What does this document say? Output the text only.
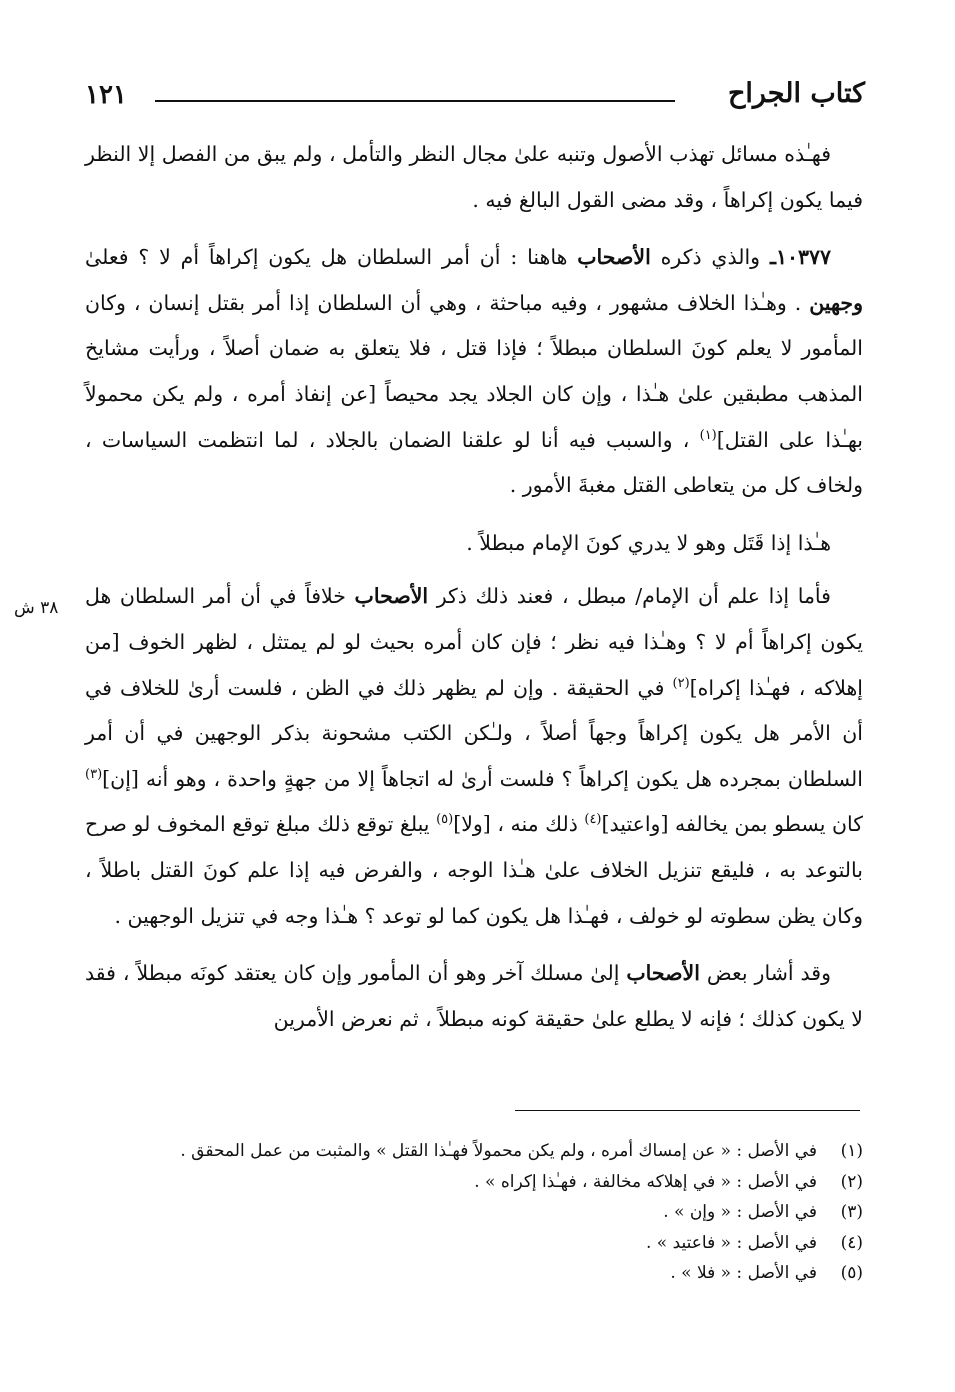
كتاب الجراح
١٢١
٣٨ ش

فهـٰذه مسائل تهذب الأصول وتنبه علىٰ مجال النظر والتأمل ، ولم يبق من الفصل إلا النظر فيما يكون إكراهاً ، وقد مضى القول البالغ فيه .

١٠٣٧٧ـ والذي ذكره الأصحاب هاهنا : أن أمر السلطان هل يكون إكراهاً أم لا ؟ فعلىٰ وجهين . وهـٰذا الخلاف مشهور ، وفيه مباحثة ، وهي أن السلطان إذا أمر بقتل إنسان ، وكان المأمور لا يعلم كونَ السلطان مبطلاً ؛ فإذا قتل ، فلا يتعلق به ضمان أصلاً ، ورأيت مشايخ المذهب مطبقين علىٰ هـٰذا ، وإن كان الجلاد يجد محيصاً [عن إنفاذ أمره ، ولم يكن محمولاً بهـٰذا على القتل]$^{(١)}$ ، والسبب فيه أنا لو علقنا الضمان بالجلاد ، لما انتظمت السياسات ، ولخاف كل من يتعاطى القتل مغبةَ الأمور .

هـٰذا إذا قَتَل وهو لا يدري كونَ الإمام مبطلاً .

فأما إذا علم أن الإمام/ مبطل ، فعند ذلك ذكر الأصحاب خلافاً في أن أمر السلطان هل يكون إكراهاً أم لا ؟ وهـٰذا فيه نظر ؛ فإن كان أمره بحيث لو لم يمتثل ، لظهر الخوف [من إهلاكه ، فهـٰذا إكراه]$^{(٢)}$ في الحقيقة . وإن لم يظهر ذلك في الظن ، فلست أرىٰ للخلاف في أن الأمر هل يكون إكراهاً وجهاً أصلاً ، ولـٰكن الكتب مشحونة بذكر الوجهين في أن أمر السلطان بمجرده هل يكون إكراهاً ؟ فلست أرىٰ له اتجاهاً إلا من جهةٍ واحدة ، وهو أنه [إن]$^{(٣)}$ كان يسطو بمن يخالفه [واعتيد]$^{(٤)}$ ذلك منه ، [ولا]$^{(٥)}$ يبلغ توقع ذلك مبلغ توقع المخوف لو صرح بالتوعد به ، فليقع تنزيل الخلاف علىٰ هـٰذا الوجه ، والفرض فيه إذا علم كونَ القتل باطلاً ، وكان يظن سطوته لو خولف ، فهـٰذا هل يكون كما لو توعد ؟ هـٰذا وجه في تنزيل الوجهين .

وقد أشار بعض الأصحاب إلىٰ مسلك آخر وهو أن المأمور وإن كان يعتقد كونَه مبطلاً ، فقد لا يكون كذلك ؛ فإنه لا يطلع علىٰ حقيقة كونه مبطلاً ، ثم نعرض الأمرين

(١)
في الأصل : « عن إمساك أمره ، ولم يكن محمولاً فهـٰذا القتل » والمثبت من عمل المحقق .
(٢)
في الأصل : « في إهلاكه مخالفة ، فهـٰذا إكراه » .
(٣)
في الأصل : « وإن » .
(٤)
في الأصل : « فاعتيد » .
(٥)
في الأصل : « فلا » .
